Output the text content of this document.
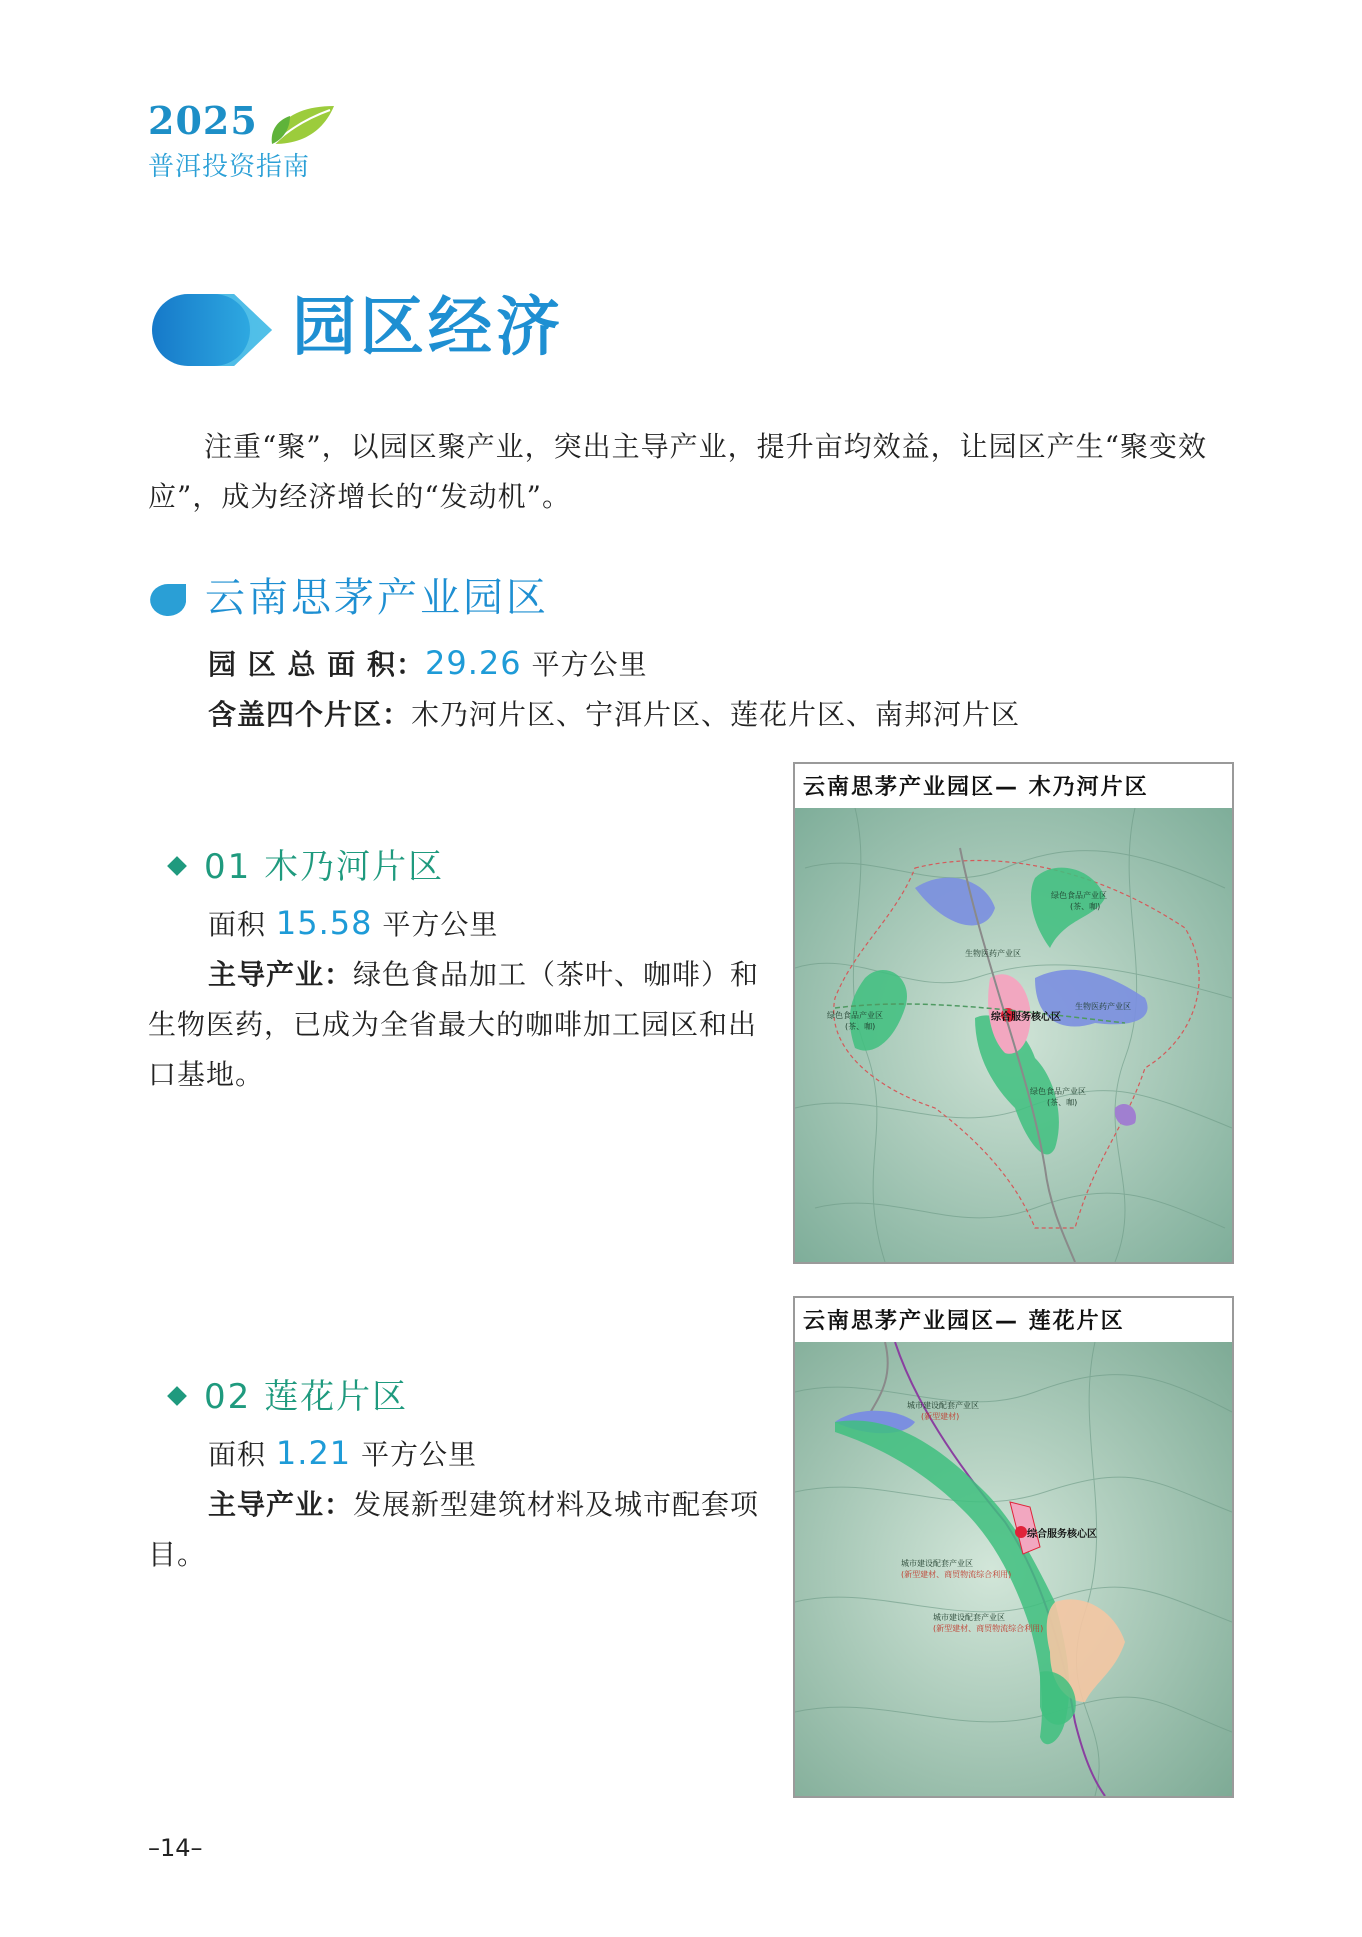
2025
普洱投资指南
园区经济
注重“聚”，以园区聚产业，突出主导产业，提升亩均效益，让园区产生“聚变效应”，成为经济增长的“发动机”。
云南思茅产业园区
园 区 总 面 积：29.26 平方公里
含盖四个片区：木乃河片区、宁洱片区、莲花片区、南邦河片区
01 木乃河片区
面积 15.58 平方公里
主导产业：绿色食品加工（茶叶、咖啡）和生物医药，已成为全省最大的咖啡加工园区和出口基地。
云南思茅产业园区— 木乃河片区
绿色食品产业区
(茶、咖)
生物医药产业区
生物医药产业区
综合服务核心区
绿色食品产业区
(茶、咖)
绿色食品产业区
(茶、咖)
02 莲花片区
面积 1.21 平方公里
主导产业：发展新型建筑材料及城市配套项目。
云南思茅产业园区— 莲花片区
城市建设配套产业区
(新型建材)
综合服务核心区
城市建设配套产业区
(新型建材、商贸物流综合利用)
城市建设配套产业区
(新型建材、商贸物流综合利用)
–14–
